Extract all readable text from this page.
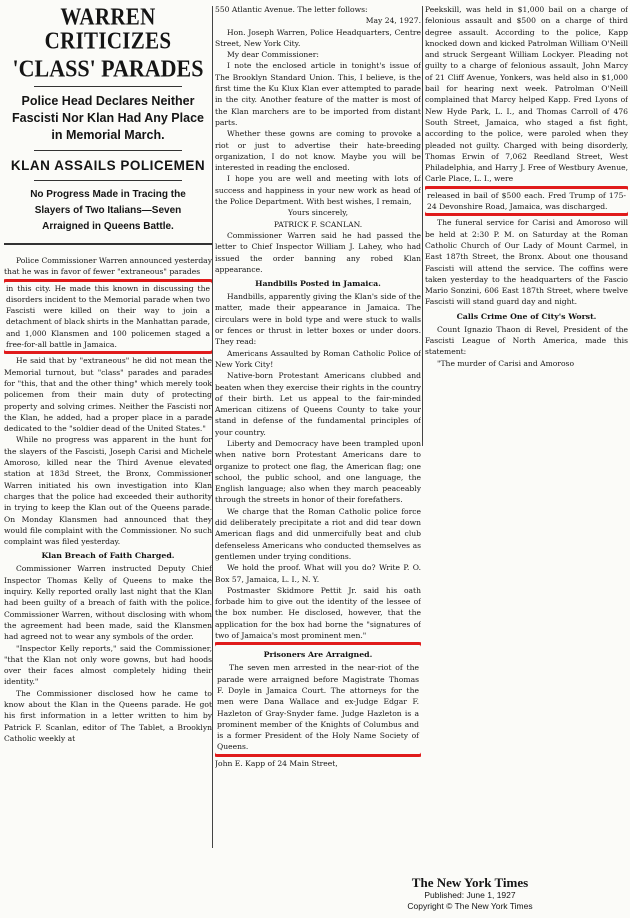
WARREN CRITICIZES
'CLASS' PARADES
Police Head Declares Neither Fascisti Nor Klan Had Any Place in Memorial March.
KLAN ASSAILS POLICEMEN
No Progress Made in Tracing the Slayers of Two Italians—Seven Arraigned in Queens Battle.

Police Commissioner Warren announced yesterday that he was in favor of fewer "extraneous" parades

in this city. He made this known in discussing the disorders incident to the Memorial parade when two Fascisti were killed on their way to join a detachment of black shirts in the Manhattan parade, and 1,000 Klansmen and 100 policemen staged a free-for-all battle in Jamaica.

He said that by "extraneous" he did not mean the Memorial turnout, but "class" parades and parades for "this, that and the other thing" which merely took policemen from their main duty of protecting property and solving crimes. Neither the Fascisti nor the Klan, he added, had a proper place in a parade dedicated to the "soldier dead of the United States."

While no progress was apparent in the hunt for the slayers of the Fascisti, Joseph Carisi and Michele Amoroso, killed near the Third Avenue elevated station at 183d Street, the Bronx, Commissioner Warren initiated his own investigation into Klan charges that the police had exceeded their authority in trying to keep the Klan out of the Queens parade. On Monday Klansmen had announced that they would file complaint with the Commissioner. No such complaint was filed yesterday.

Klan Breach of Faith Charged.

Commissioner Warren instructed Deputy Chief Inspector Thomas Kelly of Queens to make the inquiry. Kelly reported orally last night that the Klan had been guilty of a breach of faith with the police. Commissioner Warren, without disclosing with whom the agreement had been made, said the Klansmen had agreed not to wear any symbols of the order.

"Inspector Kelly reports," said the Commissioner, "that the Klan not only wore gowns, but had hoods over their faces almost completely hiding their identity."

The Commissioner disclosed how he came to know about the Klan in the Queens parade. He got his first information in a letter written to him by Patrick F. Scanlan, editor of The Tablet, a Brooklyn Catholic weekly at

550 Atlantic Avenue. The letter follows:

May 24, 1927.

Hon. Joseph Warren, Police Headquarters, Centre Street, New York City.

My dear Commissioner:

I note the enclosed article in tonight's issue of The Brooklyn Standard Union. This, I believe, is the first time the Ku Klux Klan ever attempted to parade in the city. Another feature of the matter is most of the Klan marchers are to be imported from distant parts.

Whether these gowns are coming to provoke a riot or just to advertise their hate-breeding organization, I do not know. Maybe you will be interested in reading the enclosed.

I hope you are well and meeting with lots of success and happiness in your new work as head of the Police Department. With best wishes, I remain,

Yours sincerely,

PATRICK F. SCANLAN.

Commissioner Warren said he had passed the letter to Chief Inspector William J. Lahey, who had issued the order banning any robed Klan appearance.

Handbills Posted in Jamaica.

Handbills, apparently giving the Klan's side of the matter, made their appearance in Jamaica. The circulars were in bold type and were stuck to walls or fences or thrust in letter boxes or under doors. They read:

Americans Assaulted by Roman Catholic Police of New York City!

Native-born Protestant Americans clubbed and beaten when they exercise their rights in the country of their birth. Let us appeal to the fair-minded American citizens of Queens County to take your stand in defense of the fundamental principles of your country.

Liberty and Democracy have been trampled upon when native born Protestant Americans dare to organize to protect one flag, the American flag; one school, the public school, and one language, the English language; also when they march peaceably through the streets in honor of their forefathers.

We charge that the Roman Catholic police force did deliberately precipitate a riot and did tear down American flags and did unmercifully beat and club defenseless Americans who conducted themselves as gentlemen under trying conditions.

We hold the proof. What will you do? Write P. O. Box 57, Jamaica, L. I., N. Y.

Postmaster Skidmore Pettit Jr. said his oath forbade him to give out the identity of the lessee of the box number. He disclosed, however, that the application for the box had borne the "signatures of two of Jamaica's most prominent men."

Prisoners Are Arraigned.

The seven men arrested in the near-riot of the parade were arraigned before Magistrate Thomas F. Doyle in Jamaica Court. The attorneys for the men were Dana Wallace and ex-Judge Edgar F. Hazleton of Gray-Snyder fame. Judge Hazleton is a prominent member of the Knights of Columbus and is a former President of the Holy Name Society of Queens.

John E. Kapp of 24 Main Street,

Peekskill, was held in $1,000 bail on a charge of felonious assault and $500 on a charge of third degree assault. According to the police, Kapp knocked down and kicked Patrolman William O'Neill and struck Sergeant William Lockyer. Pleading not guilty to a charge of felonious assault, John Marcy of 21 Cliff Avenue, Yonkers, was held also in $1,000 bail for hearing next week. Patrolman O'Neill complained that Marcy helped Kapp. Fred Lyons of New Hyde Park, L. I., and Thomas Carroll of 476 South Street, Jamaica, who staged a fist fight, according to the police, were paroled when they pleaded not guilty. Charged with being disorderly, Thomas Erwin of 7,062 Reedland Street, West Philadelphia, and Harry J. Free of Westbury Avenue, Carle Place, L. I., were

released in bail of $500 each. Fred Trump of 175-24 Devonshire Road, Jamaica, was discharged.

The funeral service for Carisi and Amoroso will be held at 2:30 P. M. on Saturday at the Roman Catholic Church of Our Lady of Mount Carmel, in East 187th Street, the Bronx. About one thousand Fascisti will attend the service. The coffins were taken yesterday to the headquarters of the Fascio Mario Sonzini, 606 East 187th Street, where twelve Fascisti will stand guard day and night.

Calls Crime One of City's Worst.

Count Ignazio Thaon di Revel, President of the Fascisti League of North America, made this statement:

"The murder of Carisi and Amoroso

The New York Times
Published: June 1, 1927
Copyright © The New York Times
